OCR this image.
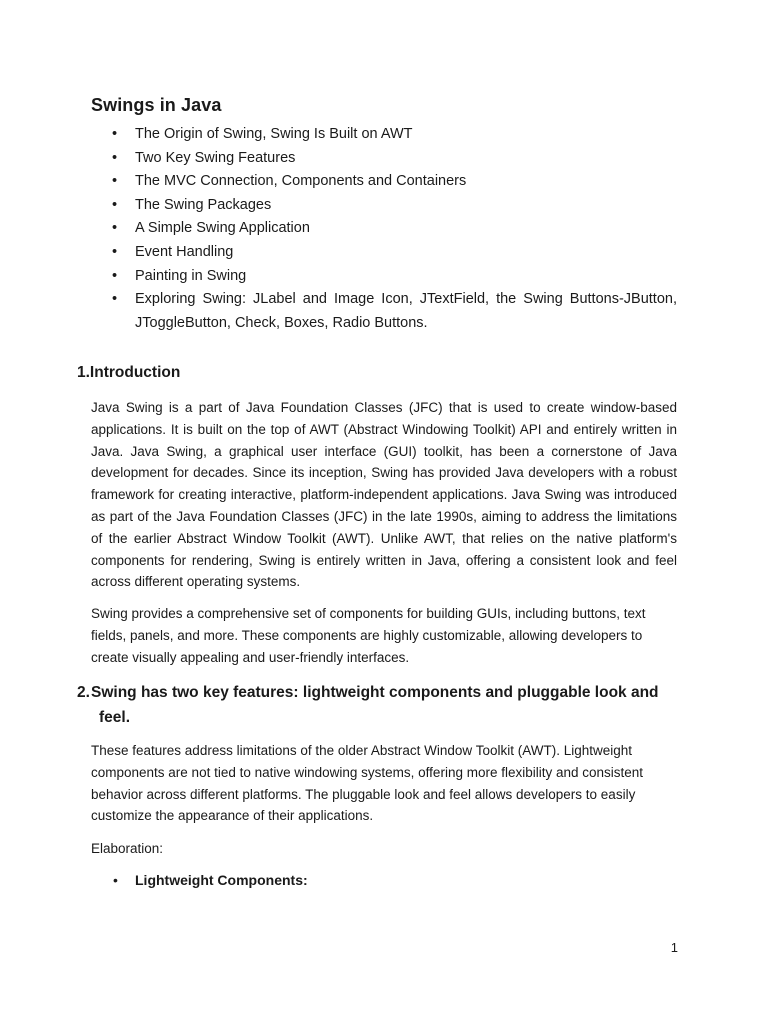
Swings in Java
• The Origin of Swing, Swing Is Built on AWT
• Two Key Swing Features
• The MVC Connection, Components and Containers
• The Swing Packages
• A Simple Swing Application
• Event Handling
• Painting in Swing
• Exploring Swing: JLabel and Image Icon, JTextField, the Swing Buttons-JButton, JToggleButton, Check, Boxes, Radio Buttons.
1.Introduction

Java Swing is a part of Java Foundation Classes (JFC) that is used to create window-based applications. It is built on the top of AWT (Abstract Windowing Toolkit) API and entirely written in Java. Java Swing, a graphical user interface (GUI) toolkit, has been a cornerstone of Java development for decades. Since its inception, Swing has provided Java developers with a robust framework for creating interactive, platform-independent applications. Java Swing was introduced as part of the Java Foundation Classes (JFC) in the late 1990s, aiming to address the limitations of the earlier Abstract Window Toolkit (AWT). Unlike AWT, that relies on the native platform's components for rendering, Swing is entirely written in Java, offering a consistent look and feel across different operating systems.

Swing provides a comprehensive set of components for building GUIs, including buttons, text fields, panels, and more. These components are highly customizable, allowing developers to create visually appealing and user-friendly interfaces.

2.Swing has two key features: lightweight components and pluggable look and
feel.

These features address limitations of the older Abstract Window Toolkit (AWT). Lightweight components are not tied to native windowing systems, offering more flexibility and consistent behavior across different platforms. The pluggable look and feel allows developers to easily customize the appearance of their applications.

Elaboration:

• Lightweight Components:
1
